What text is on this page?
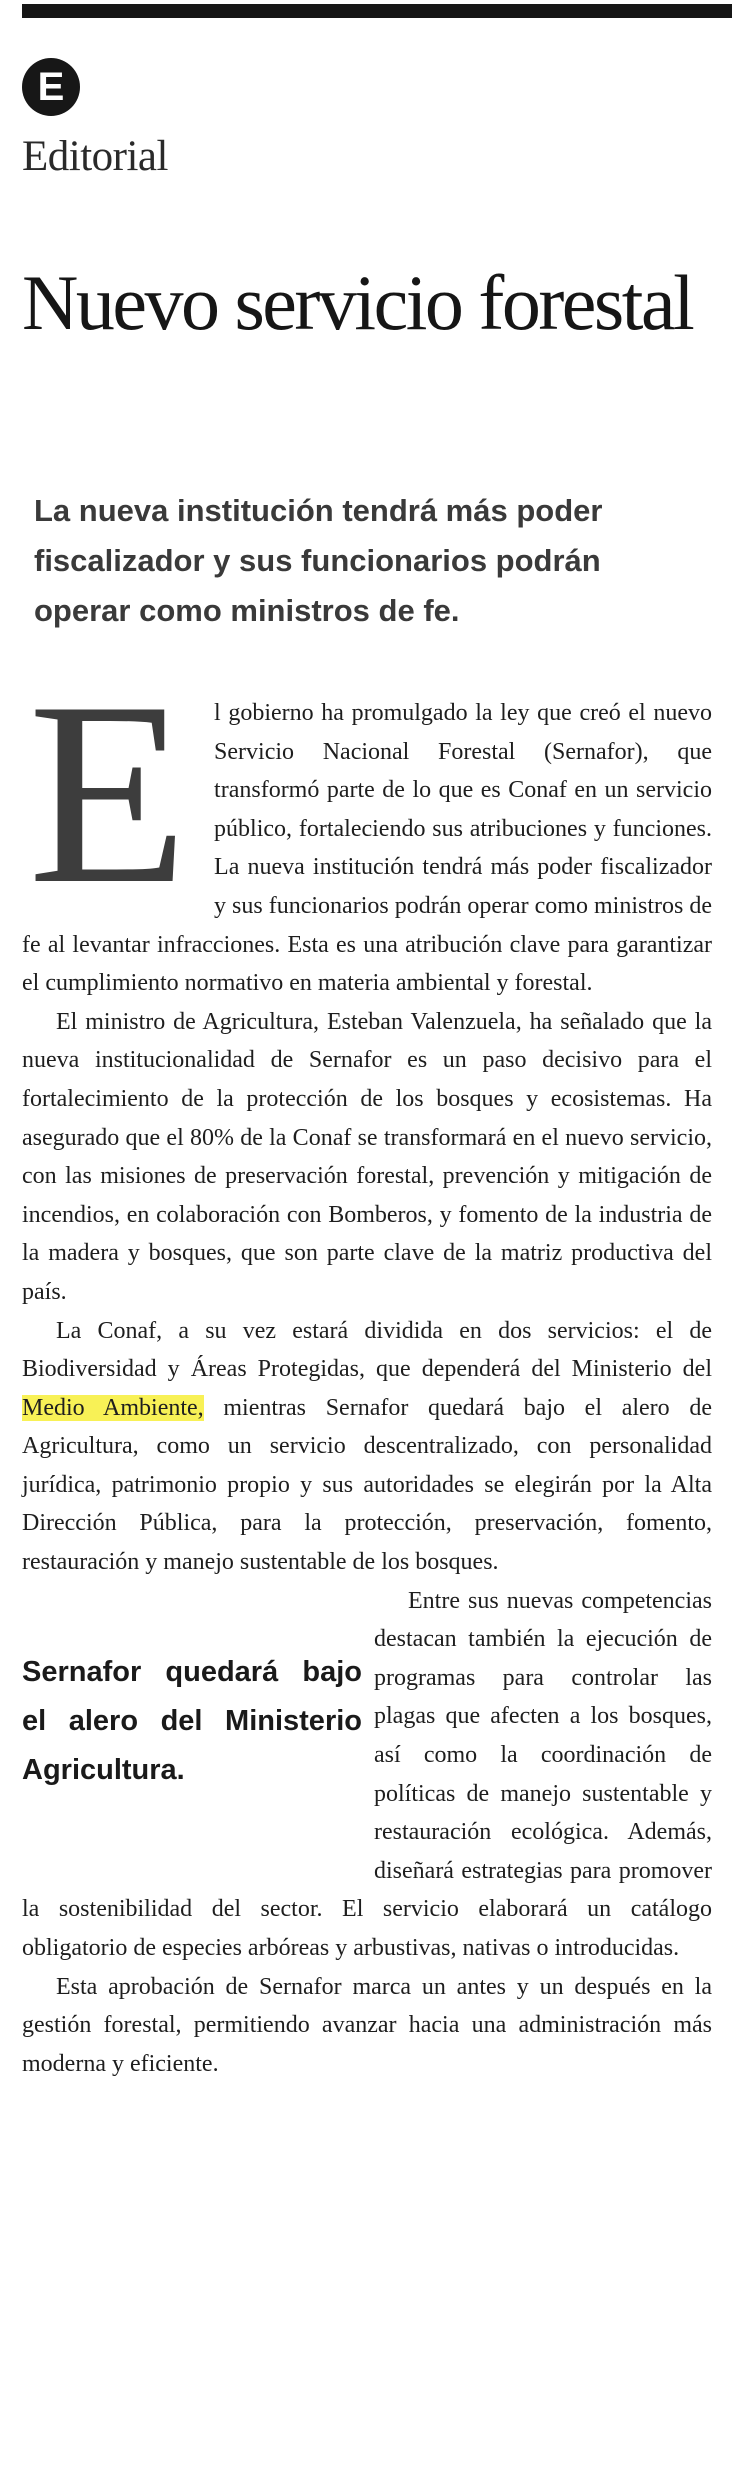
E
Editorial
Nuevo servicio forestal
La nueva institución tendrá más poder fiscalizador y sus funcionarios podrán operar como ministros de fe.
E
Sernafor quedará bajo el alero del Ministerio Agricultura.

l gobierno ha promulgado la ley que creó el nuevo Servicio Nacional Forestal (Sernafor), que transformó parte de lo que es Conaf en un servicio público, fortaleciendo sus atribuciones y funciones. La nueva institución tendrá más poder fiscalizador y sus funcionarios podrán operar como ministros de fe al levantar infracciones. Esta es una atribución clave para garantizar el cumplimiento normativo en materia ambiental y forestal.

El ministro de Agricultura, Esteban Valenzuela, ha señalado que la nueva institucionalidad de Sernafor es un paso decisivo para el fortalecimiento de la protección de los bosques y ecosistemas. Ha asegurado que el 80% de la Conaf se transformará en el nuevo servicio, con las misiones de preservación forestal, prevención y mitigación de incendios, en colaboración con Bomberos, y fomento de la industria de la madera y bosques, que son parte clave de la matriz productiva del país.

La Conaf, a su vez estará dividida en dos servicios: el de Biodiversidad y Áreas Protegidas, que dependerá del Ministerio del Medio Ambiente, mientras Sernafor quedará bajo el alero de Agricultura, como un servicio descentralizado, con personalidad jurídica, patrimonio propio y sus autoridades se elegirán por la Alta Dirección Pública, para la protección, preservación, fomento, restauración y manejo sustentable de los bosques.

Entre sus nuevas competencias destacan también la ejecución de programas para controlar las plagas que afecten a los bosques, así como la coordinación de políticas de manejo sustentable y restauración ecológica. Además, diseñará estrategias para promover la sostenibilidad del sector. El servicio elaborará un catálogo obligatorio de especies arbóreas y arbustivas, nativas o introducidas.

Esta aprobación de Sernafor marca un antes y un después en la gestión forestal, permitiendo avanzar hacia una administración más moderna y eficiente.
